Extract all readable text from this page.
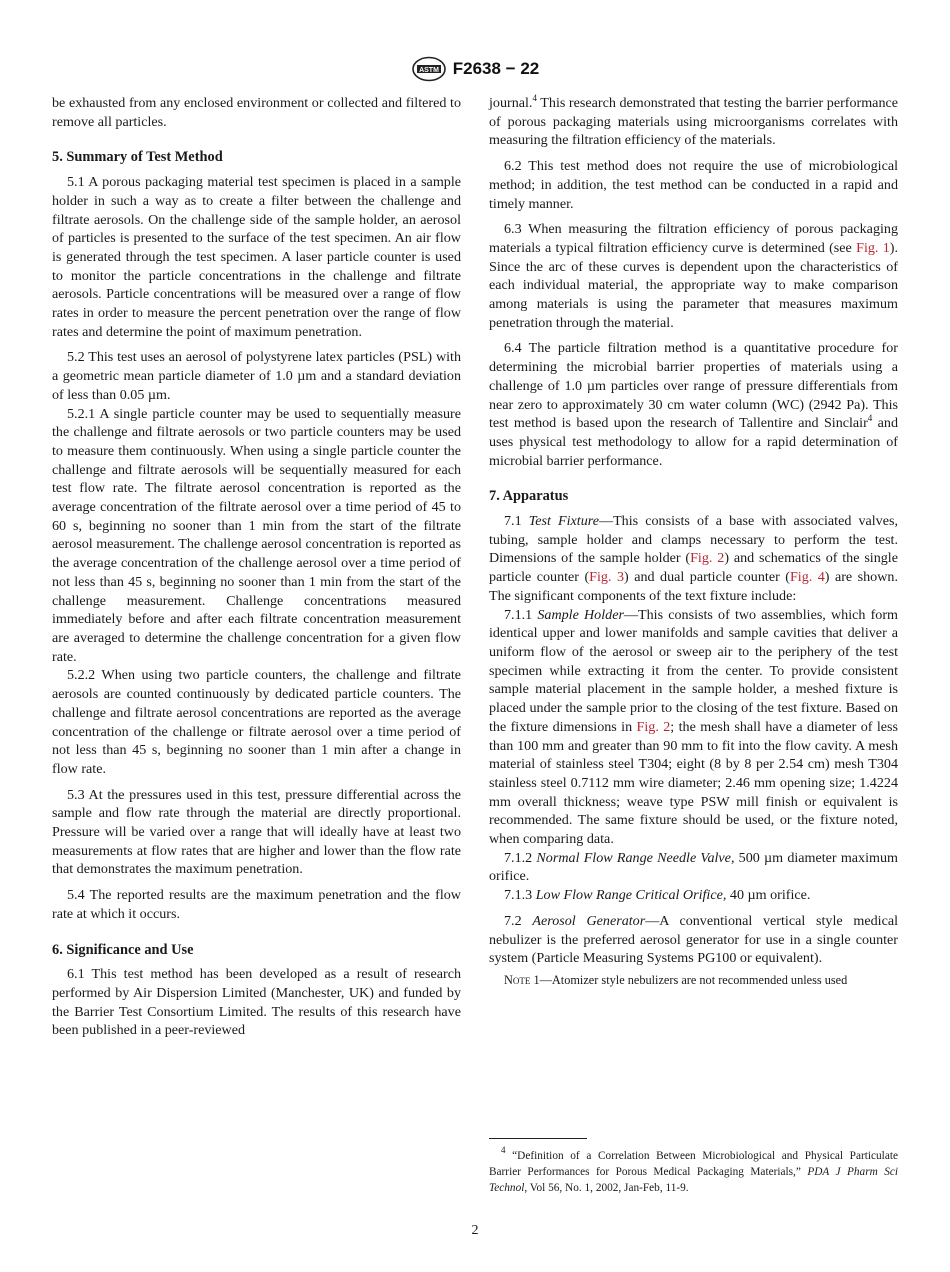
ASTM F2638 − 22

be exhausted from any enclosed environment or collected and filtered to remove all particles.

5. Summary of Test Method

5.1 A porous packaging material test specimen is placed in a sample holder in such a way as to create a filter between the challenge and filtrate aerosols. On the challenge side of the sample holder, an aerosol of particles is presented to the surface of the test specimen. An air flow is generated through the test specimen. A laser particle counter is used to monitor the particle concentrations in the challenge and filtrate aerosols. Particle concentrations will be measured over a range of flow rates in order to measure the percent penetration over the range of flow rates and determine the point of maximum penetration.

5.2 This test uses an aerosol of polystyrene latex particles (PSL) with a geometric mean particle diameter of 1.0 µm and a standard deviation of less than 0.05 µm.

5.2.1 A single particle counter may be used to sequentially measure the challenge and filtrate aerosols or two particle counters may be used to measure them continuously. When using a single particle counter the challenge and filtrate aerosols will be sequentially measured for each test flow rate. The filtrate aerosol concentration is reported as the average concentration of the filtrate aerosol over a time period of 45 to 60 s, beginning no sooner than 1 min from the start of the filtrate aerosol measurement. The challenge aerosol concentration is reported as the average concentration of the challenge aerosol over a time period of not less than 45 s, beginning no sooner than 1 min from the start of the challenge measurement. Challenge concentrations measured immediately before and after each filtrate concentration measurement are averaged to determine the challenge concentration for a given flow rate.

5.2.2 When using two particle counters, the challenge and filtrate aerosols are counted continuously by dedicated particle counters. The challenge and filtrate aerosol concentrations are reported as the average concentration of the challenge or filtrate aerosol over a time period of not less than 45 s, beginning no sooner than 1 min after a change in flow rate.

5.3 At the pressures used in this test, pressure differential across the sample and flow rate through the material are directly proportional. Pressure will be varied over a range that will ideally have at least two measurements at flow rates that are higher and lower than the flow rate that demonstrates the maximum penetration.

5.4 The reported results are the maximum penetration and the flow rate at which it occurs.

6. Significance and Use

6.1 This test method has been developed as a result of research performed by Air Dispersion Limited (Manchester, UK) and funded by the Barrier Test Consortium Limited. The results of this research have been published in a peer-reviewed

journal.$^4$ This research demonstrated that testing the barrier performance of porous packaging materials using microorganisms correlates with measuring the filtration efficiency of the materials.

6.2 This test method does not require the use of microbiological method; in addition, the test method can be conducted in a rapid and timely manner.

6.3 When measuring the filtration efficiency of porous packaging materials a typical filtration efficiency curve is determined (see Fig. 1). Since the arc of these curves is dependent upon the characteristics of each individual material, the appropriate way to make comparison among materials is using the parameter that measures maximum penetration through the material.

6.4 The particle filtration method is a quantitative procedure for determining the microbial barrier properties of materials using a challenge of 1.0 µm particles over range of pressure differentials from near zero to approximately 30 cm water column (WC) (2942 Pa). This test method is based upon the research of Tallentire and Sinclair$^4$ and uses physical test methodology to allow for a rapid determination of microbial barrier performance.

7. Apparatus

7.1 Test Fixture—This consists of a base with associated valves, tubing, sample holder and clamps necessary to perform the test. Dimensions of the sample holder (Fig. 2) and schematics of the single particle counter (Fig. 3) and dual particle counter (Fig. 4) are shown. The significant components of the text fixture include:

7.1.1 Sample Holder—This consists of two assemblies, which form identical upper and lower manifolds and sample cavities that deliver a uniform flow of the aerosol or sweep air to the periphery of the test specimen while extracting it from the center. To provide consistent sample material placement in the sample holder, a meshed fixture is placed under the sample prior to the closing of the test fixture. Based on the fixture dimensions in Fig. 2; the mesh shall have a diameter of less than 100 mm and greater than 90 mm to fit into the flow cavity. A mesh material of stainless steel T304; eight (8 by 8 per 2.54 cm) mesh T304 stainless steel 0.7112 mm wire diameter; 2.46 mm opening size; 1.4224 mm overall thickness; weave type PSW mill finish or equivalent is recommended. The same fixture should be used, or the fixture noted, when comparing data.

7.1.2 Normal Flow Range Needle Valve, 500 µm diameter maximum orifice.

7.1.3 Low Flow Range Critical Orifice, 40 µm orifice.

7.2 Aerosol Generator—A conventional vertical style medical nebulizer is the preferred aerosol generator for use in a single counter system (Particle Measuring Systems PG100 or equivalent).

Note 1—Atomizer style nebulizers are not recommended unless used

$^4$ “Definition of a Correlation Between Microbiological and Physical Particulate Barrier Performances for Porous Medical Packaging Materials,” PDA J Pharm Sci Technol, Vol 56, No. 1, 2002, Jan-Feb, 11-9.
2
